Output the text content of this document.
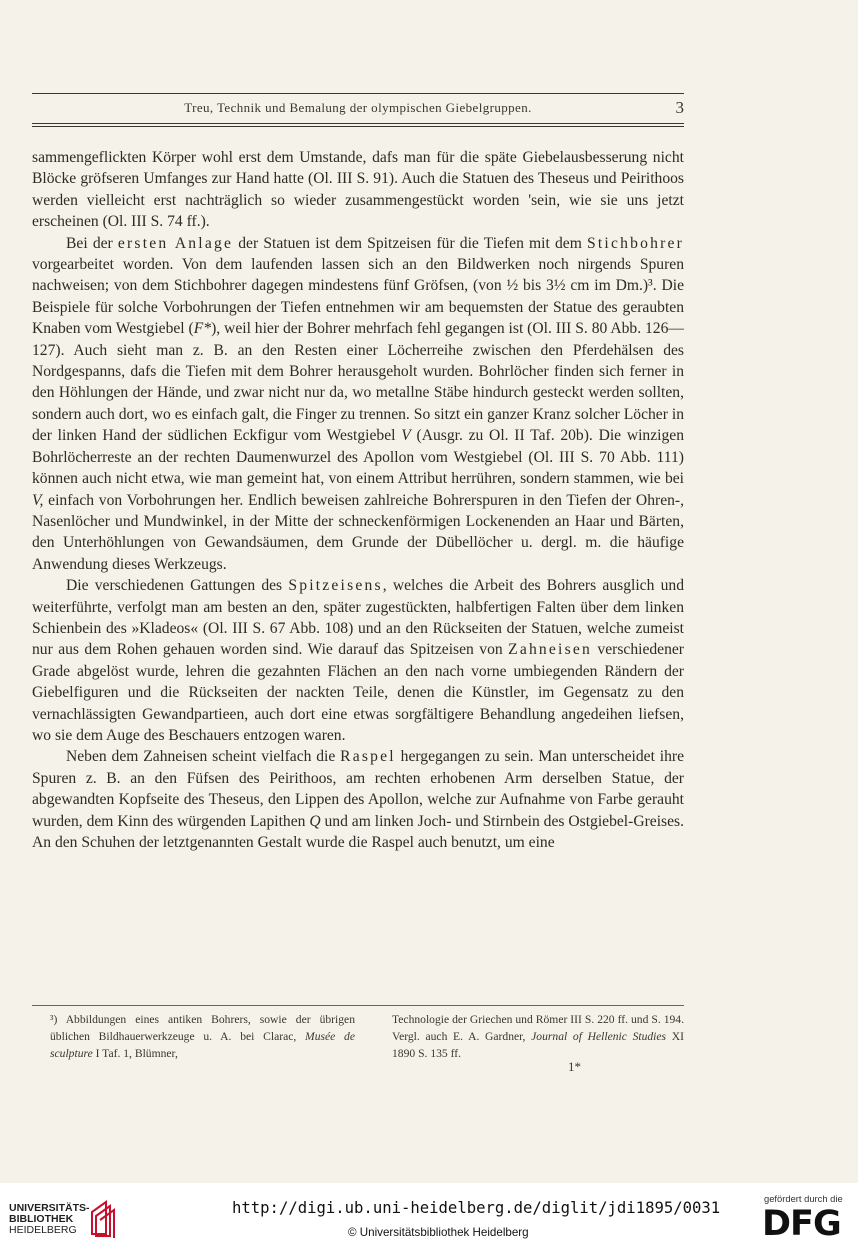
Treu, Technik und Bemalung der olympischen Giebelgruppen.	3

sammengeflickten Körper wohl erst dem Umstande, dafs man für die späte Giebelausbesserung nicht Blöcke gröfseren Umfanges zur Hand hatte (Ol. III S. 91). Auch die Statuen des Theseus und Peirithoos werden vielleicht erst nachträglich so wieder zusammengestückt worden 'sein, wie sie uns jetzt erscheinen (Ol. III S. 74 ff.).

Bei der ersten Anlage der Statuen ist dem Spitzeisen für die Tiefen mit dem Stichbohrer vorgearbeitet worden. Von dem laufenden lassen sich an den Bildwerken noch nirgends Spuren nachweisen; von dem Stichbohrer dagegen mindestens fünf Gröfsen, (von ½ bis 3½ cm im Dm.)³. Die Beispiele für solche Vorbohrungen der Tiefen entnehmen wir am bequemsten der Statue des geraubten Knaben vom Westgiebel (F*), weil hier der Bohrer mehrfach fehl gegangen ist (Ol. III S. 80 Abb. 126—127). Auch sieht man z. B. an den Resten einer Löcherreihe zwischen den Pferdehälsen des Nordgespanns, dafs die Tiefen mit dem Bohrer herausgeholt wurden. Bohrlöcher finden sich ferner in den Höhlungen der Hände, und zwar nicht nur da, wo metallne Stäbe hindurch gesteckt werden sollten, sondern auch dort, wo es einfach galt, die Finger zu trennen. So sitzt ein ganzer Kranz solcher Löcher in der linken Hand der südlichen Eckfigur vom Westgiebel V (Ausgr. zu Ol. II Taf. 20b). Die winzigen Bohrlöcherreste an der rechten Daumenwurzel des Apollon vom Westgiebel (Ol. III S. 70 Abb. 111) können auch nicht etwa, wie man gemeint hat, von einem Attribut herrühren, sondern stammen, wie bei V, einfach von Vorbohrungen her. Endlich beweisen zahlreiche Bohrerspuren in den Tiefen der Ohren-, Nasenlöcher und Mundwinkel, in der Mitte der schneckenförmigen Lockenenden an Haar und Bärten, den Unterhöhlungen von Gewandsäumen, dem Grunde der Dübellöcher u. dergl. m. die häufige Anwendung dieses Werkzeugs.

Die verschiedenen Gattungen des Spitzeisens, welches die Arbeit des Bohrers ausglich und weiterführte, verfolgt man am besten an den, später zugestückten, halbfertigen Falten über dem linken Schienbein des »Kladeos« (Ol. III S. 67 Abb. 108) und an den Rückseiten der Statuen, welche zumeist nur aus dem Rohen gehauen worden sind. Wie darauf das Spitzeisen von Zahneisen verschiedener Grade abgelöst wurde, lehren die gezahnten Flächen an den nach vorne umbiegenden Rändern der Giebelfiguren und die Rückseiten der nackten Teile, denen die Künstler, im Gegensatz zu den vernachlässigten Gewandpartieen, auch dort eine etwas sorgfältigere Behandlung angedeihen liefsen, wo sie dem Auge des Beschauers entzogen waren.

Neben dem Zahneisen scheint vielfach die Raspel hergegangen zu sein. Man unterscheidet ihre Spuren z. B. an den Füfsen des Peirithoos, am rechten erhobenen Arm derselben Statue, der abgewandten Kopfseite des Theseus, den Lippen des Apollon, welche zur Aufnahme von Farbe gerauht wurden, dem Kinn des würgenden Lapithen Q und am linken Joch- und Stirnbein des Ostgiebel-Greises. An den Schuhen der letztgenannten Gestalt wurde die Raspel auch benutzt, um eine

³) Abbildungen eines antiken Bohrers, sowie der übrigen üblichen Bildhauerwerkzeuge u. A. bei Clarac, Musée de sculpture I Taf. 1, Blümner,

Technologie der Griechen und Römer III S. 220 ff. und S. 194. Vergl. auch E. A. Gardner, Journal of Hellenic Studies XI 1890 S. 135 ff.

1*
UNIVERSITÄTS-
BIBLIOTHEK
HEIDELBERG
http://digi.ub.uni-heidelberg.de/diglit/jdi1895/0031
© Universitätsbibliothek Heidelberg
gefördert durch die
DFG
